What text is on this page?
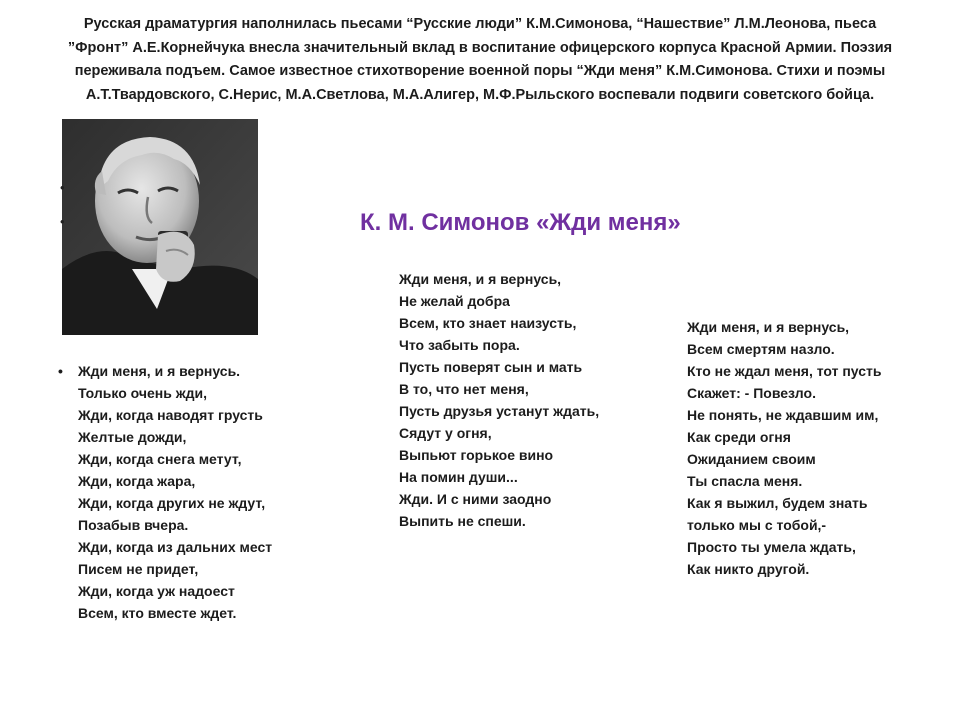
Русская драматургия наполнилась пьесами “Русские люди” К.М.Симонова, “Нашествие” Л.М.Леонова, пьеса ”Фронт” А.Е.Корнейчука внесла значительный вклад в воспитание офицерского корпуса Красной Армии. Поэзия переживала подъем. Самое известное стихотворение военной поры “Жди меня” К.М.Симонова. Стихи и поэмы А.Т.Твардовского, С.Нерис, М.А.Светлова, М.А.Алигер, М.Ф.Рыльского воспевали подвиги советского бойца.
•
•	К. М. Симонов «Жди меня»
• Жди меня, и я вернусь.
Только очень жди,
Жди, когда наводят грусть
Желтые дожди,
Жди, когда снега метут,
Жди, когда жара,
Жди, когда других не ждут,
Позабыв вчера.
Жди, когда из дальних мест
Писем не придет,
Жди, когда уж надоест
Всем, кто вместе ждет.
Жди меня, и я вернусь,
Не желай добра
Всем, кто знает наизусть,
Что забыть пора.
Пусть поверят сын и мать
В то, что нет меня,
Пусть друзья устанут ждать,
Сядут у огня,
Выпьют горькое вино
На помин души...
Жди. И с ними заодно
Выпить не спеши.
Жди меня, и я вернусь,
Всем смертям назло.
Кто не ждал меня, тот пусть
Скажет: - Повезло.
Не понять, не ждавшим им,
Как среди огня
Ожиданием своим
Ты спасла меня.
Как я выжил, будем знать
только мы с тобой,-
Просто ты умела ждать,
Как никто другой.
